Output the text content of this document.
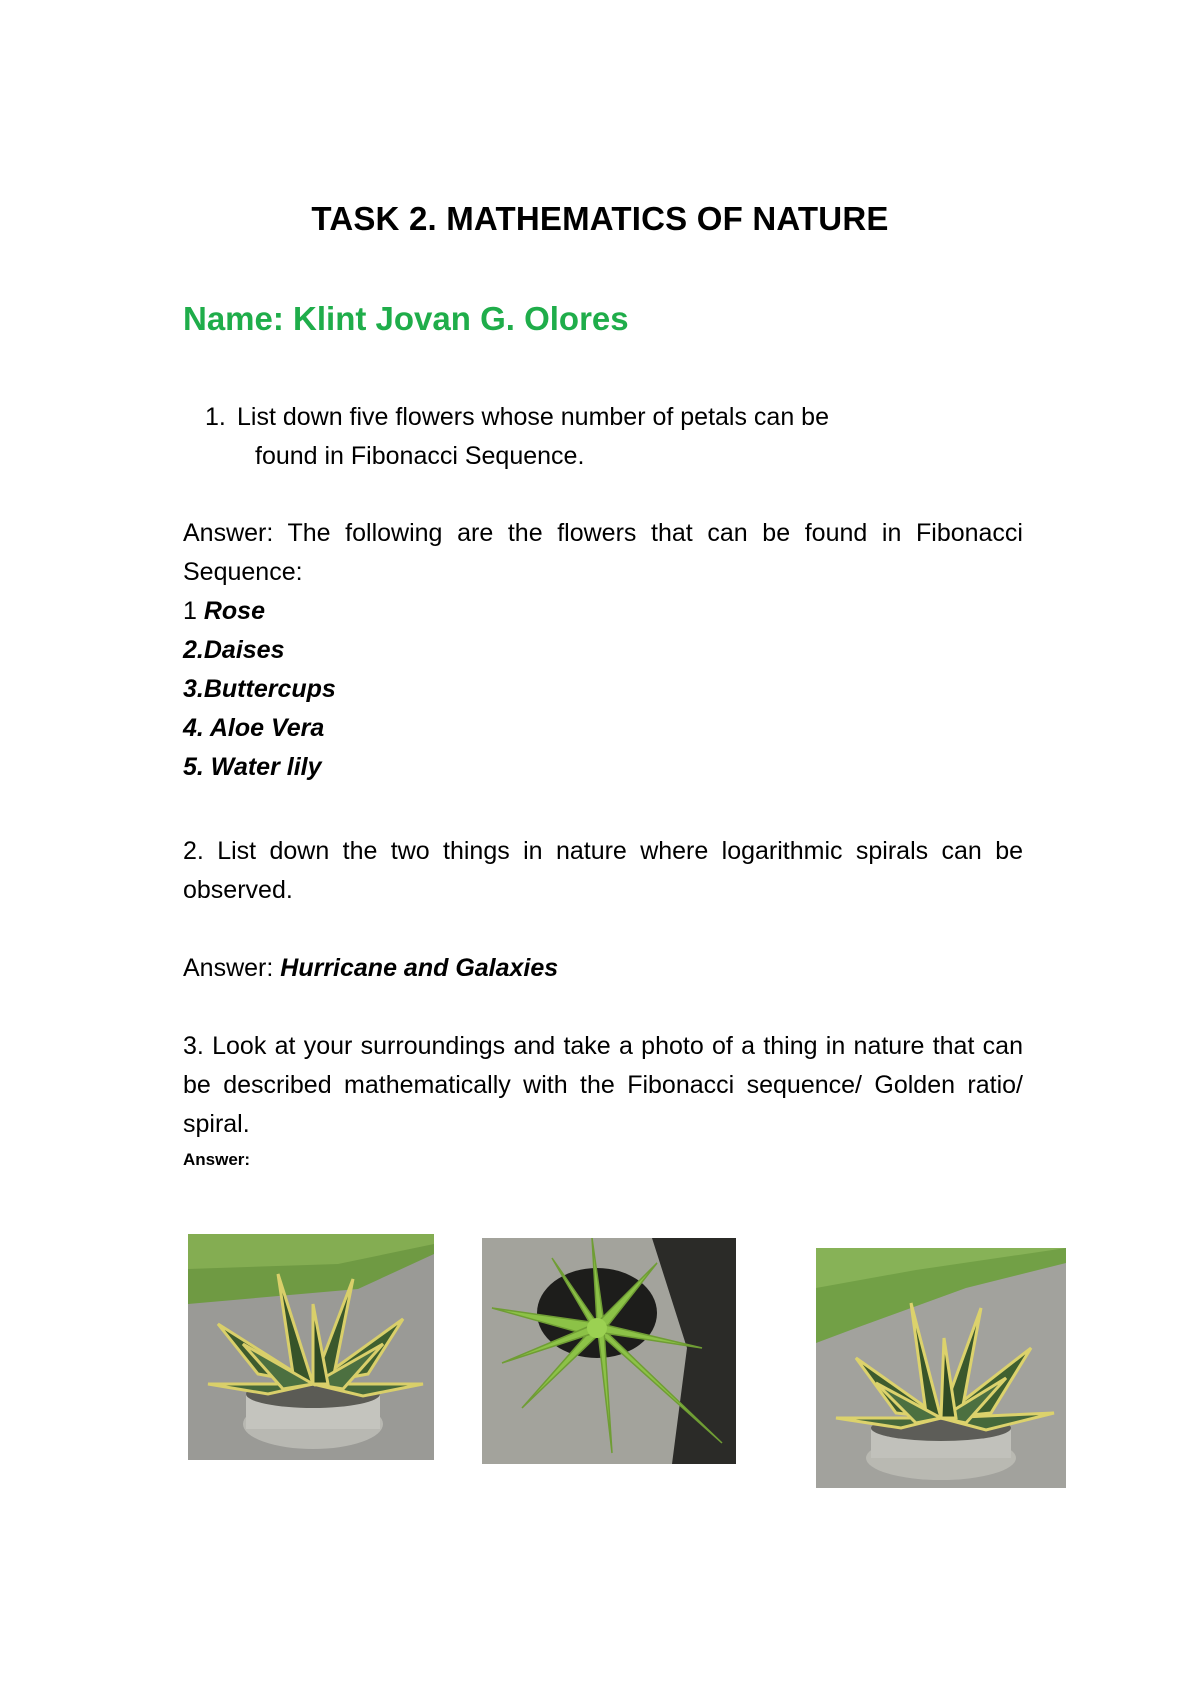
TASK 2. MATHEMATICS OF NATURE
Name: Klint Jovan G. Olores
1. List down five flowers whose number of petals can be
found in Fibonacci Sequence.
Answer: The following are the flowers that can be found in Fibonacci Sequence:
1 Rose
2.Daises
3.Buttercups
4. Aloe Vera
5. Water lily
2. List down the two things in nature where logarithmic spirals can be observed.
Answer: Hurricane and Galaxies
3. Look at your surroundings and take a photo of a thing in nature that can be described mathematically with the Fibonacci sequence/ Golden ratio/ spiral.
Answer:
